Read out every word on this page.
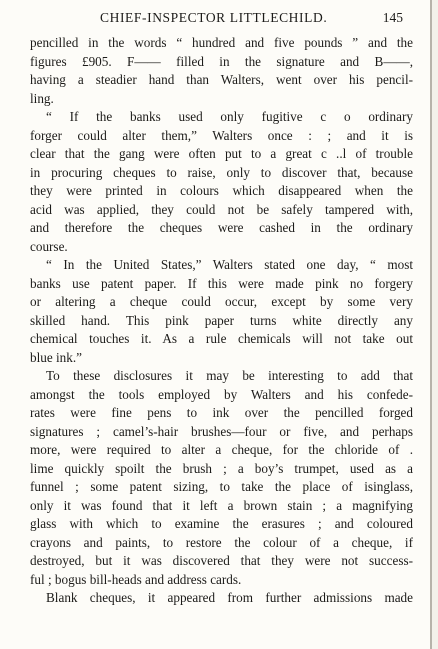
CHIEF-INSPECTOR LITTLECHILD.	145
pencilled in the words “ hundred and five pounds ” and the
figures £905. F—— filled in the signature and B——,
having a steadier hand than Walters, went over his pencil-
ling.
“ If the banks used only fugitive c o ordinary
forger could alter them,” Walters once : ; and it is
clear that the gang were often put to a great c ..l of trouble
in procuring cheques to raise, only to discover that, because
they were printed in colours which disappeared when the
acid was applied, they could not be safely tampered with,
and therefore the cheques were cashed in the ordinary
course.
“ In the United States,” Walters stated one day, “ most
banks use patent paper. If this were made pink no forgery
or altering a cheque could occur, except by some very
skilled hand. This pink paper turns white directly any
chemical touches it. As a rule chemicals will not take out
blue ink.”
To these disclosures it may be interesting to add that
amongst the tools employed by Walters and his confede-
rates were fine pens to ink over the pencilled forged
signatures ; camel’s-hair brushes—four or five, and perhaps
more, were required to alter a cheque, for the chloride of .
lime quickly spoilt the brush ; a boy’s trumpet, used as a
funnel ; some patent sizing, to take the place of isinglass,
only it was found that it left a brown stain ; a magnifying
glass with which to examine the erasures ; and coloured
crayons and paints, to restore the colour of a cheque, if
destroyed, but it was discovered that they were not success-
ful ; bogus bill-heads and address cards.
Blank cheques, it appeared from further admissions made
